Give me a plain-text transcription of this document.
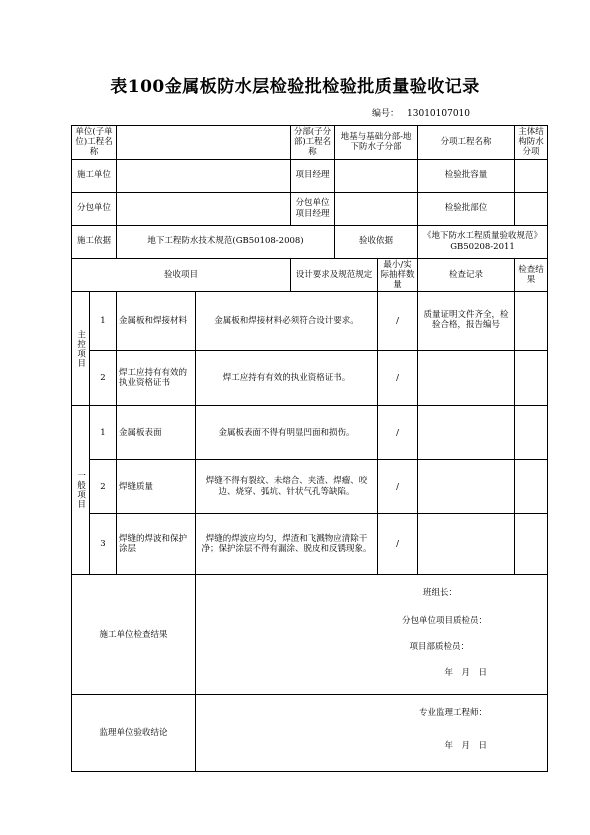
表100金属板防水层检验批检验批质量验收记录
编号： 13010107010
单位(子单位)工程名称				分部(子分部)工程名称	地基与基础分部-地下防水子分部		分项工程名称	主体结构防水分项
施工单位				项目经理			检验批容量	
分包单位				分包单位项目经理			检验批部位	
施工依据		地下工程防水技术规范(GB50108-2008)			验收依据		《地下防水工程质量验收规范》GB50208-2011	
验收项目				设计要求及规范规定		最小/实际抽样数量	检查记录	检查结果
主控项目	1	金属板和焊接材料	金属板和焊接材料必须符合设计要求。			/	质量证明文件齐全，检验合格，报告编号	
	2	焊工应持有有效的执业资格证书	焊工应持有有效的执业资格证书。			/		
一般项目	1	金属板表面	金属板表面不得有明显凹面和损伤。			/		
	2	焊缝质量	焊缝不得有裂纹、未熔合、夹渣、焊瘤、咬边、烧穿、弧坑、针状气孔等缺陷。			/		
	3	焊缝的焊波和保护涂层	焊缝的焊波应均匀，焊渣和飞溅物应清除干净；保护涂层不得有漏涂、脱皮和反锈现象。			/		
施工单位检查结果			班组长：
分包单位项目质检员：
项目部质检员：
年　月　日					

监理单位验收结论			专业监理工程师：
年　月　日					
